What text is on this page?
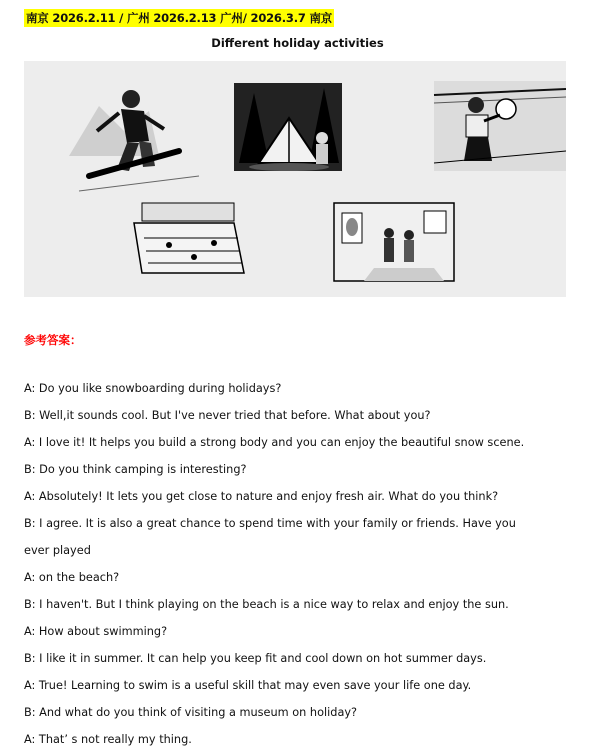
南京 2026.2.11 / 广州 2026.2.13 广州/ 2026.3.7 南京
Different holiday activities
参考答案：
A: Do you like snowboarding during holidays?
B: Well,it sounds cool. But I've never tried that before. What about you?
A: I love it! It helps you build a strong body and you can enjoy the beautiful snow scene.
B: Do you think camping is interesting?
A: Absolutely! It lets you get close to nature and enjoy fresh air. What do you think?
B: I agree. It is also a great chance to spend time with your family or friends. Have you
ever played
A: on the beach?
B: I haven't. But I think playing on the beach is a nice way to relax and enjoy the sun.
A: How about swimming?
B: I like it in summer. It can help you keep fit and cool down on hot summer days.
A: True! Learning to swim is a useful skill that may even save your life one day.
B: And what do you think of visiting a museum on holiday?
A: That’ s not really my thing.
